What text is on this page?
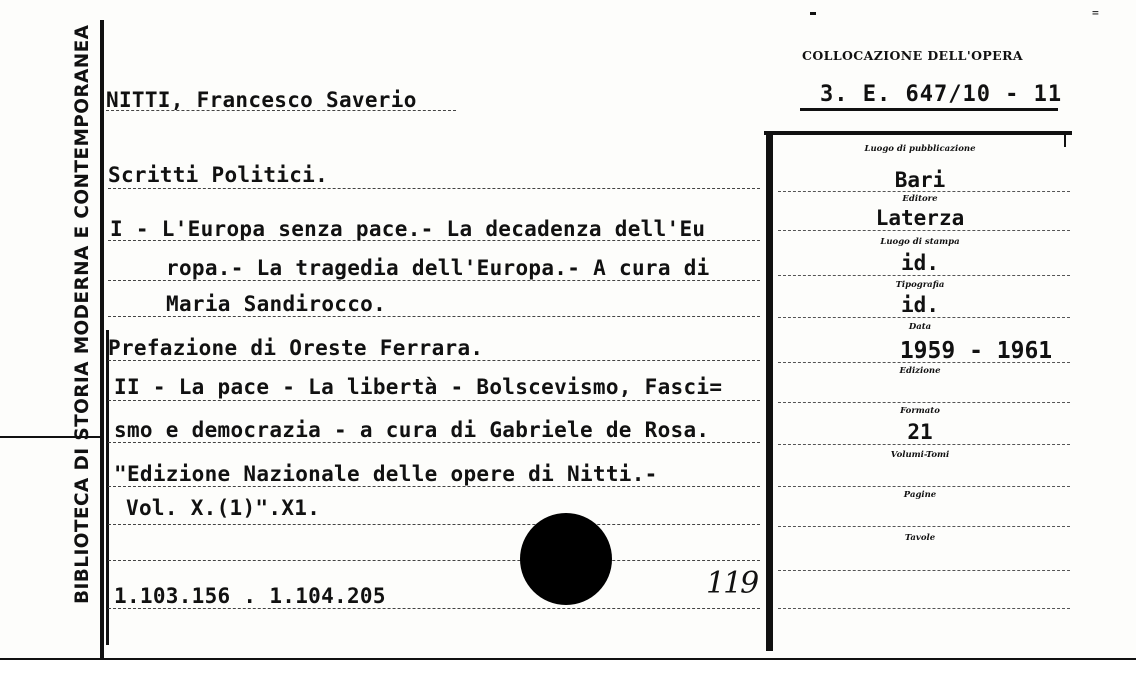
⁼
BIBLIOTECA DI STORIA MODERNA E CONTEMPORANEA	COLLOCAZIONE DELL'OPERA
3. E. 647/10 - 11
NITTI, Francesco Saverio
Scritti Politici.
I - L'Europa senza pace.- La decadenza dell'Eu
ropa.- La tragedia dell'Europa.- A cura di
Maria Sandirocco.
Prefazione di Oreste Ferrara.
II - La pace - La libertà - Bolscevismo, Fasci=
smo e democrazia - a cura di Gabriele de Rosa.
"Edizione Nazionale delle opere di Nitti.-
Vol. X.(1)".X1.
1.103.156 . 1.104.205	119
Luogo di pubblicazione
Bari
Editore
Laterza
Luogo di stampa
id.
Tipografia
id.
Data
1959 - 1961
Edizione
Formato
21
Volumi-Tomi
Pagine
Tavole
